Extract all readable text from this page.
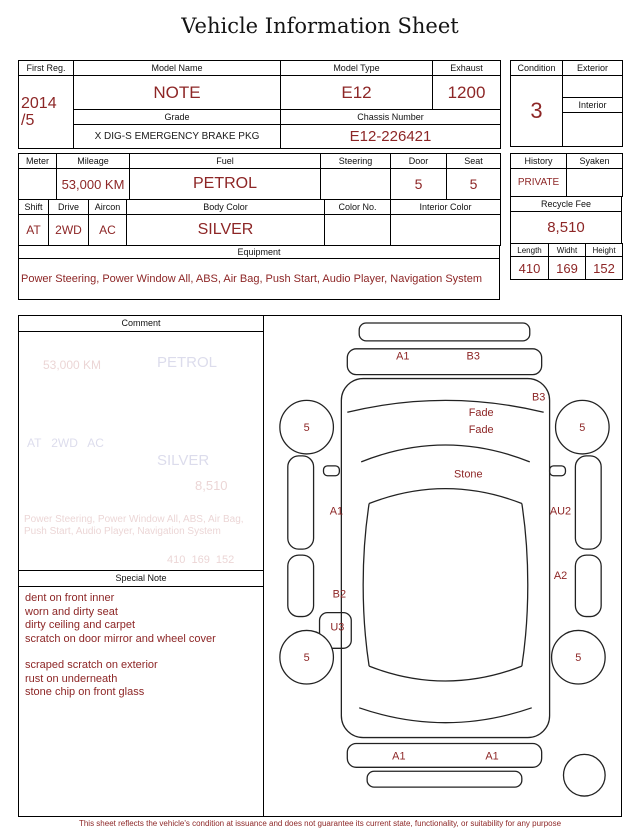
Vehicle Information Sheet
First Reg.	Model Name	Model Type	Exhaust

2014
/5	NOTE	E12	1200
	Grade	Chassis Number	
	X DIG-S EMERGENCY BRAKE PKG	E12-226421	
Condition	Exterior
3	
	Interior

Meter	Mileage	Fuel	Steering	Door	Seat
	53,000 KM	PETROL		5	5
Shift	Drive	Aircon	Body Color	Color No.	Interior Color
AT	2WD	AC	SILVER		
Equipment
Power Steering, Power Window All, ABS, Air Bag, Push Start, Audio Player, Navigation System
History	Syaken
PRIVATE	
Recycle Fee
8,510
Length	Widht	Height
410	169	152
Comment
53,000 KM	PETROL
AT   2WD   AC
SILVER
8,510
Power Steering, Power Window All, ABS, Air Bag, Push Start, Audio Player, Navigation System
410  169  152
Special Note
dent on front inner
worn and dirty seat
dirty ceiling and carpet
scratch on door mirror and wheel cover
scraped scratch on exterior
rust on underneath
stone chip on front glass
A1	B3
B3
Fade
Fade
Stone
A1	AU2
A2
B2
U3
A1	A1
5	5
5	5
This sheet reflects the vehicle's condition at issuance and does not guarantee its current state, functionality, or suitability for any purpose
